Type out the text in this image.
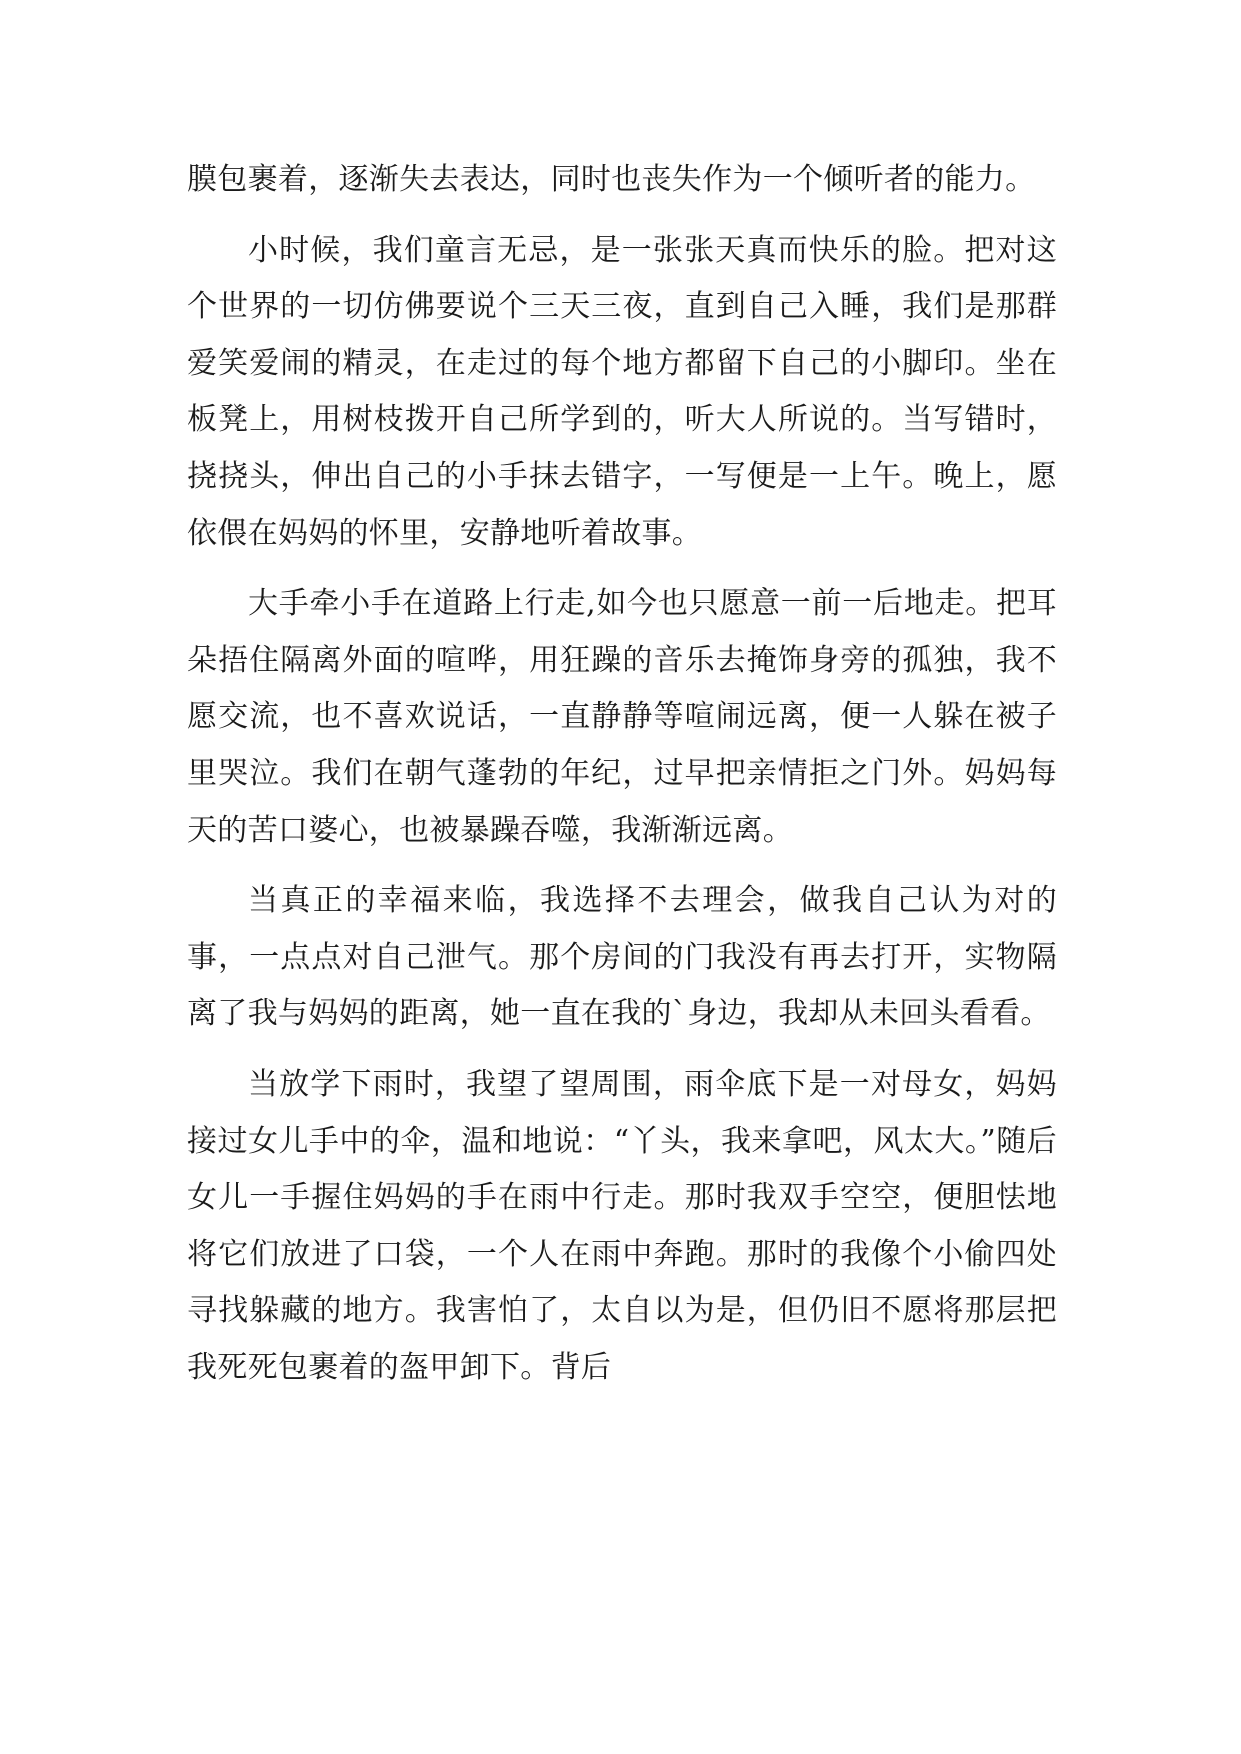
膜包裹着，逐渐失去表达，同时也丧失作为一个倾听者的能力。

小时候，我们童言无忌，是一张张天真而快乐的脸。把对这个世界的一切仿佛要说个三天三夜，直到自己入睡，我们是那群爱笑爱闹的精灵，在走过的每个地方都留下自己的小脚印。坐在板凳上，用树枝拨开自己所学到的，听大人所说的。当写错时，挠挠头，伸出自己的小手抹去错字，一写便是一上午。晚上，愿依偎在妈妈的怀里，安静地听着故事。

大手牵小手在道路上行走,如今也只愿意一前一后地走。把耳朵捂住隔离外面的喧哗，用狂躁的音乐去掩饰身旁的孤独，我不愿交流，也不喜欢说话，一直静静等喧闹远离，便一人躲在被子里哭泣。我们在朝气蓬勃的年纪，过早把亲情拒之门外。妈妈每天的苦口婆心，也被暴躁吞噬，我渐渐远离。

当真正的幸福来临，我选择不去理会，做我自己认为对的事，一点点对自己泄气。那个房间的门我没有再去打开，实物隔离了我与妈妈的距离，她一直在我的`身边，我却从未回头看看。

当放学下雨时，我望了望周围，雨伞底下是一对母女，妈妈接过女儿手中的伞，温和地说：“丫头，我来拿吧，风太大。”随后女儿一手握住妈妈的手在雨中行走。那时我双手空空，便胆怯地将它们放进了口袋，一个人在雨中奔跑。那时的我像个小偷四处寻找躲藏的地方。我害怕了，太自以为是，但仍旧不愿将那层把我死死包裹着的盔甲卸下。背后
